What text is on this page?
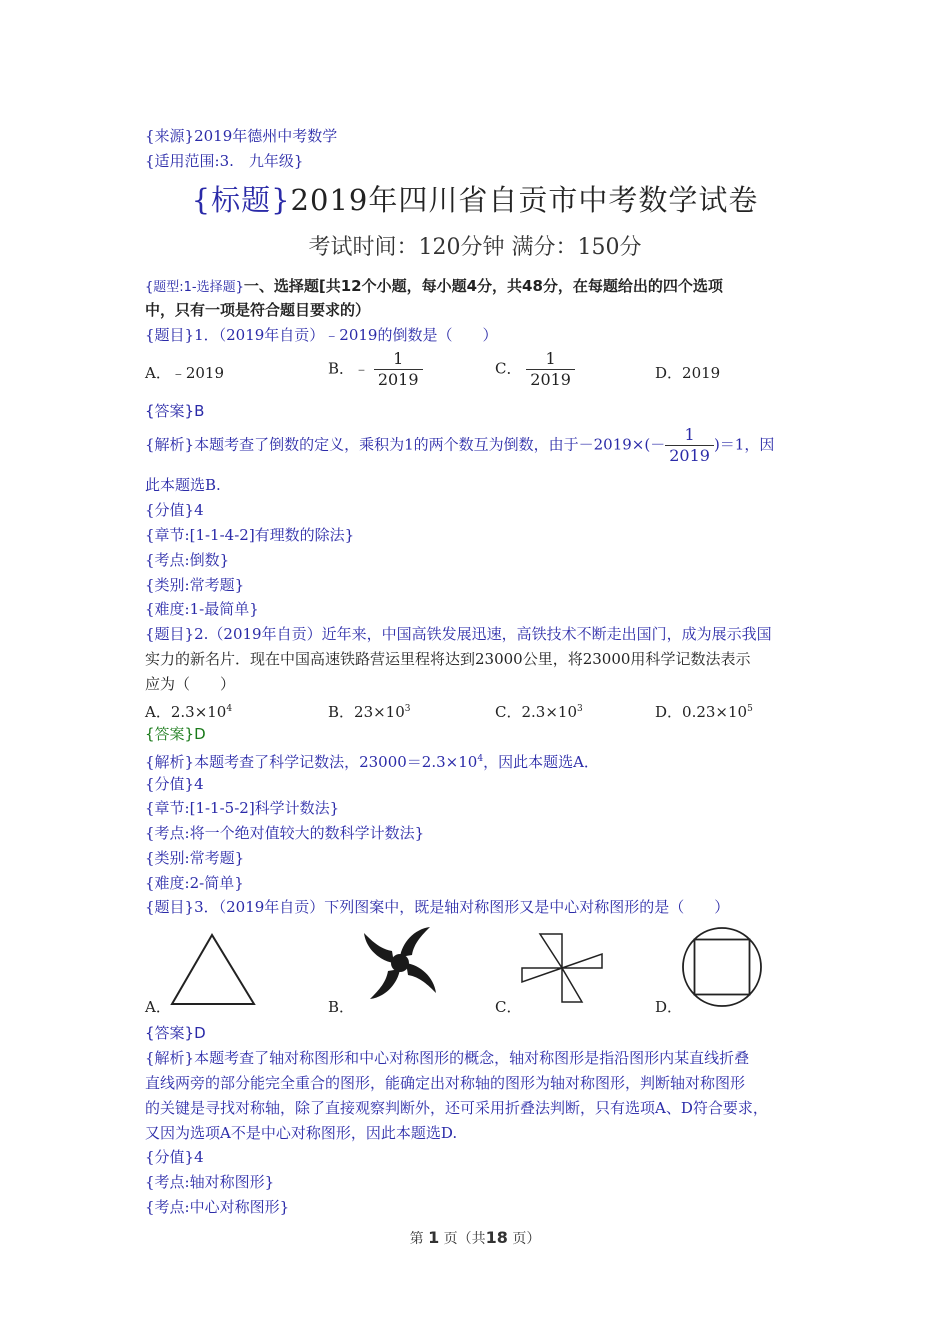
{来源}2019年德州中考数学
{适用范围:3.　九年级}
{标题}2019年四川省自贡市中考数学试卷
考试时间：120分钟 满分：150分
{题型:1-选择题}一、选择题[共12个小题，每小题4分，共48分，在每题给出的四个选项
中，只有一项是符合题目要求的）
{题目}1．（2019年自贡）﹣2019的倒数是（　　）
A．﹣2019	B．﹣ $\frac{1}{2019}$	C． $\frac{1}{2019}$	D．2019
{答案}B
{解析}本题考查了倒数的定义，乘积为1的两个数互为倒数，由于$-2019\times(- \frac{1}{2019} )=1$，因
此本题选B.
{分值}4
{章节:[1-1-4-2]有理数的除法}
{考点:倒数}
{类别:常考题}
{难度:1-最简单}
{题目}2.（2019年自贡）近年来，中国高铁发展迅速，高铁技术不断走出国门，成为展示我国
实力的新名片．现在中国高速铁路营运里程将达到23000公里，将23000用科学记数法表示
应为（　　）
A．$2.3\times 10^4$	B．$23\times 10^3$	C．$2.3\times 10^3$	D．$0.23\times 10^5$
{答案}D
{解析}本题考查了科学记数法，$23000=2.3\times 10^4$，因此本题选A．
{分值}4
{章节:[1-1-5-2]科学计数法}
{考点:将一个绝对值较大的数科学计数法}
{类别:常考题}
{难度:2-简单}
{题目}3．（2019年自贡）下列图案中，既是轴对称图形又是中心对称图形的是（　　）
A．	B．	C．	D．
{答案}D
{解析}本题考查了轴对称图形和中心对称图形的概念，轴对称图形是指沿图形内某直线折叠
直线两旁的部分能完全重合的图形，能确定出对称轴的图形为轴对称图形，判断轴对称图形
的关键是寻找对称轴，除了直接观察判断外，还可采用折叠法判断，只有选项A、D符合要求，
又因为选项A不是中心对称图形，因此本题选D.
{分值}4
{考点:轴对称图形}
{考点:中心对称图形}
第 1 页（共18 页）
